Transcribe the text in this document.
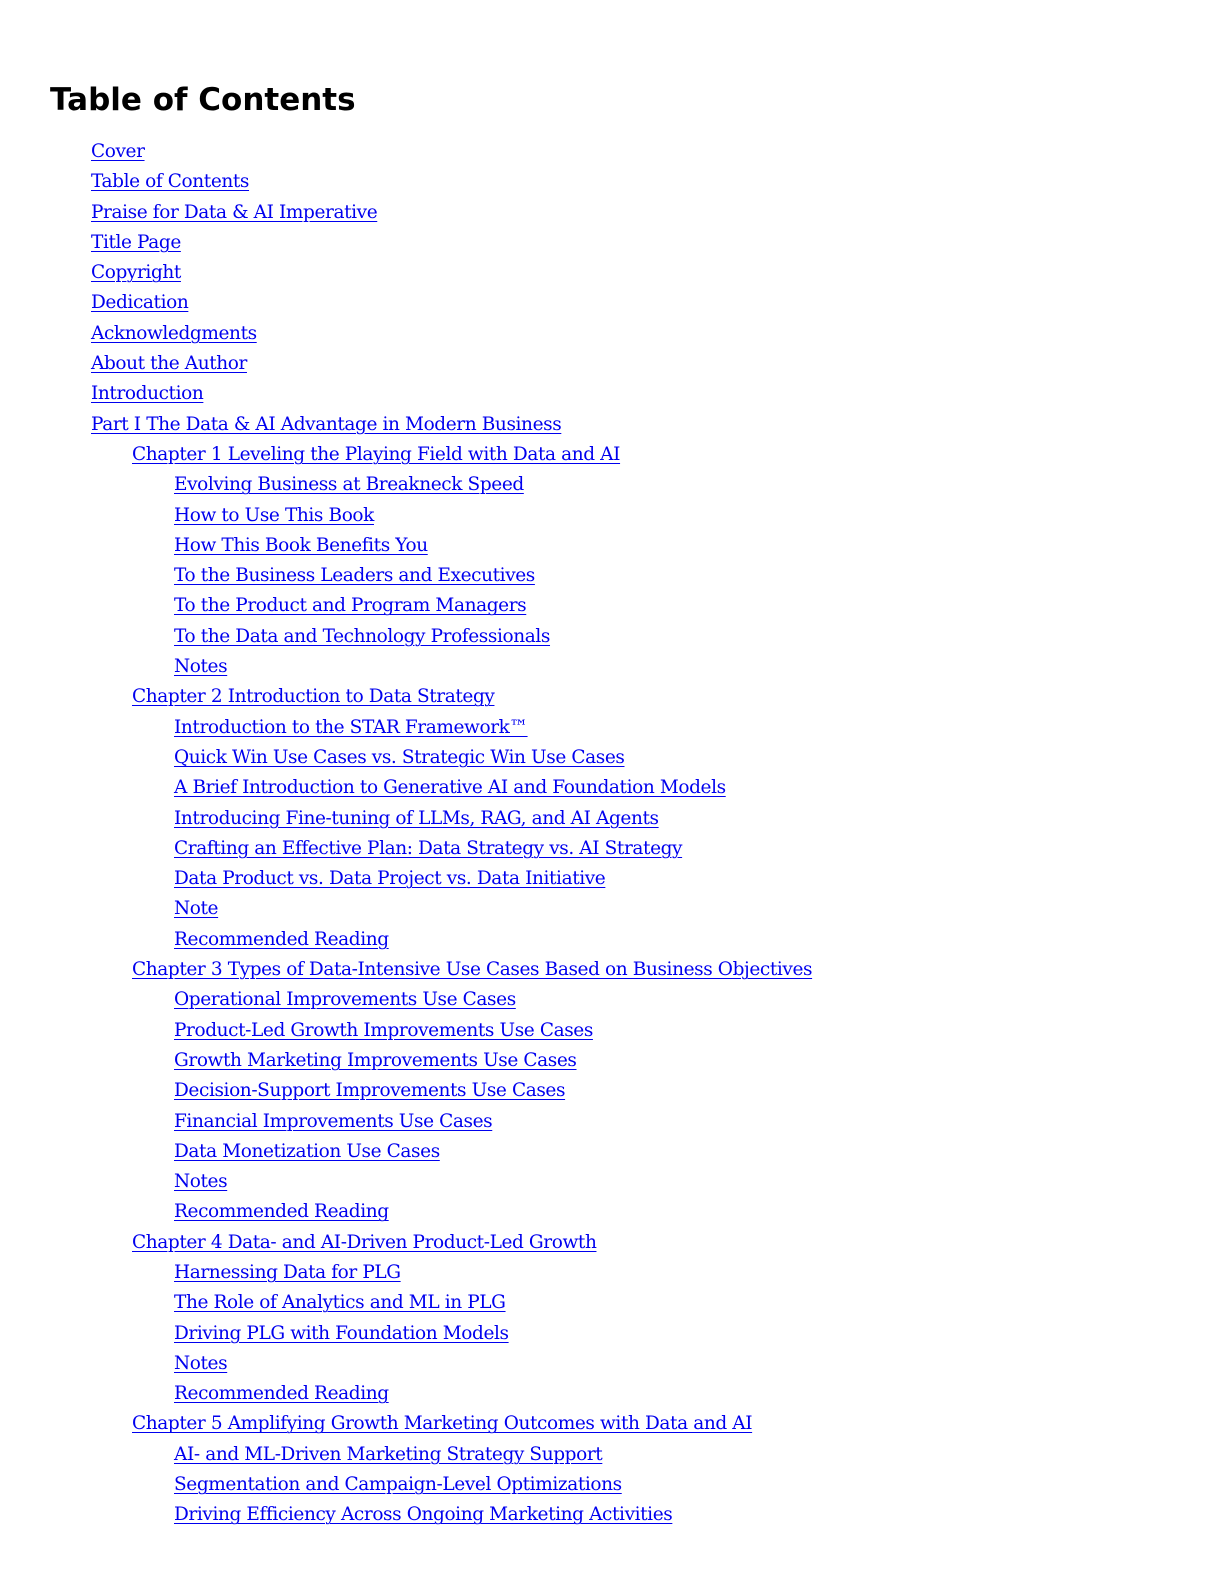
Table of Contents
Cover
Table of Contents
Praise for Data & AI Imperative
Title Page
Copyright
Dedication
Acknowledgments
About the Author
Introduction
Part I The Data & AI Advantage in Modern Business
Chapter 1 Leveling the Playing Field with Data and AI
Evolving Business at Breakneck Speed
How to Use This Book
How This Book Benefits You
To the Business Leaders and Executives
To the Product and Program Managers
To the Data and Technology Professionals
Notes
Chapter 2 Introduction to Data Strategy
Introduction to the STAR Framework™
Quick Win Use Cases vs. Strategic Win Use Cases
A Brief Introduction to Generative AI and Foundation Models
Introducing Fine-tuning of LLMs, RAG, and AI Agents
Crafting an Effective Plan: Data Strategy vs. AI Strategy
Data Product vs. Data Project vs. Data Initiative
Note
Recommended Reading
Chapter 3 Types of Data-Intensive Use Cases Based on Business Objectives
Operational Improvements Use Cases
Product-Led Growth Improvements Use Cases
Growth Marketing Improvements Use Cases
Decision-Support Improvements Use Cases
Financial Improvements Use Cases
Data Monetization Use Cases
Notes
Recommended Reading
Chapter 4 Data- and AI-Driven Product-Led Growth
Harnessing Data for PLG
The Role of Analytics and ML in PLG
Driving PLG with Foundation Models
Notes
Recommended Reading
Chapter 5 Amplifying Growth Marketing Outcomes with Data and AI
AI- and ML-Driven Marketing Strategy Support
Segmentation and Campaign-Level Optimizations
Driving Efficiency Across Ongoing Marketing Activities
